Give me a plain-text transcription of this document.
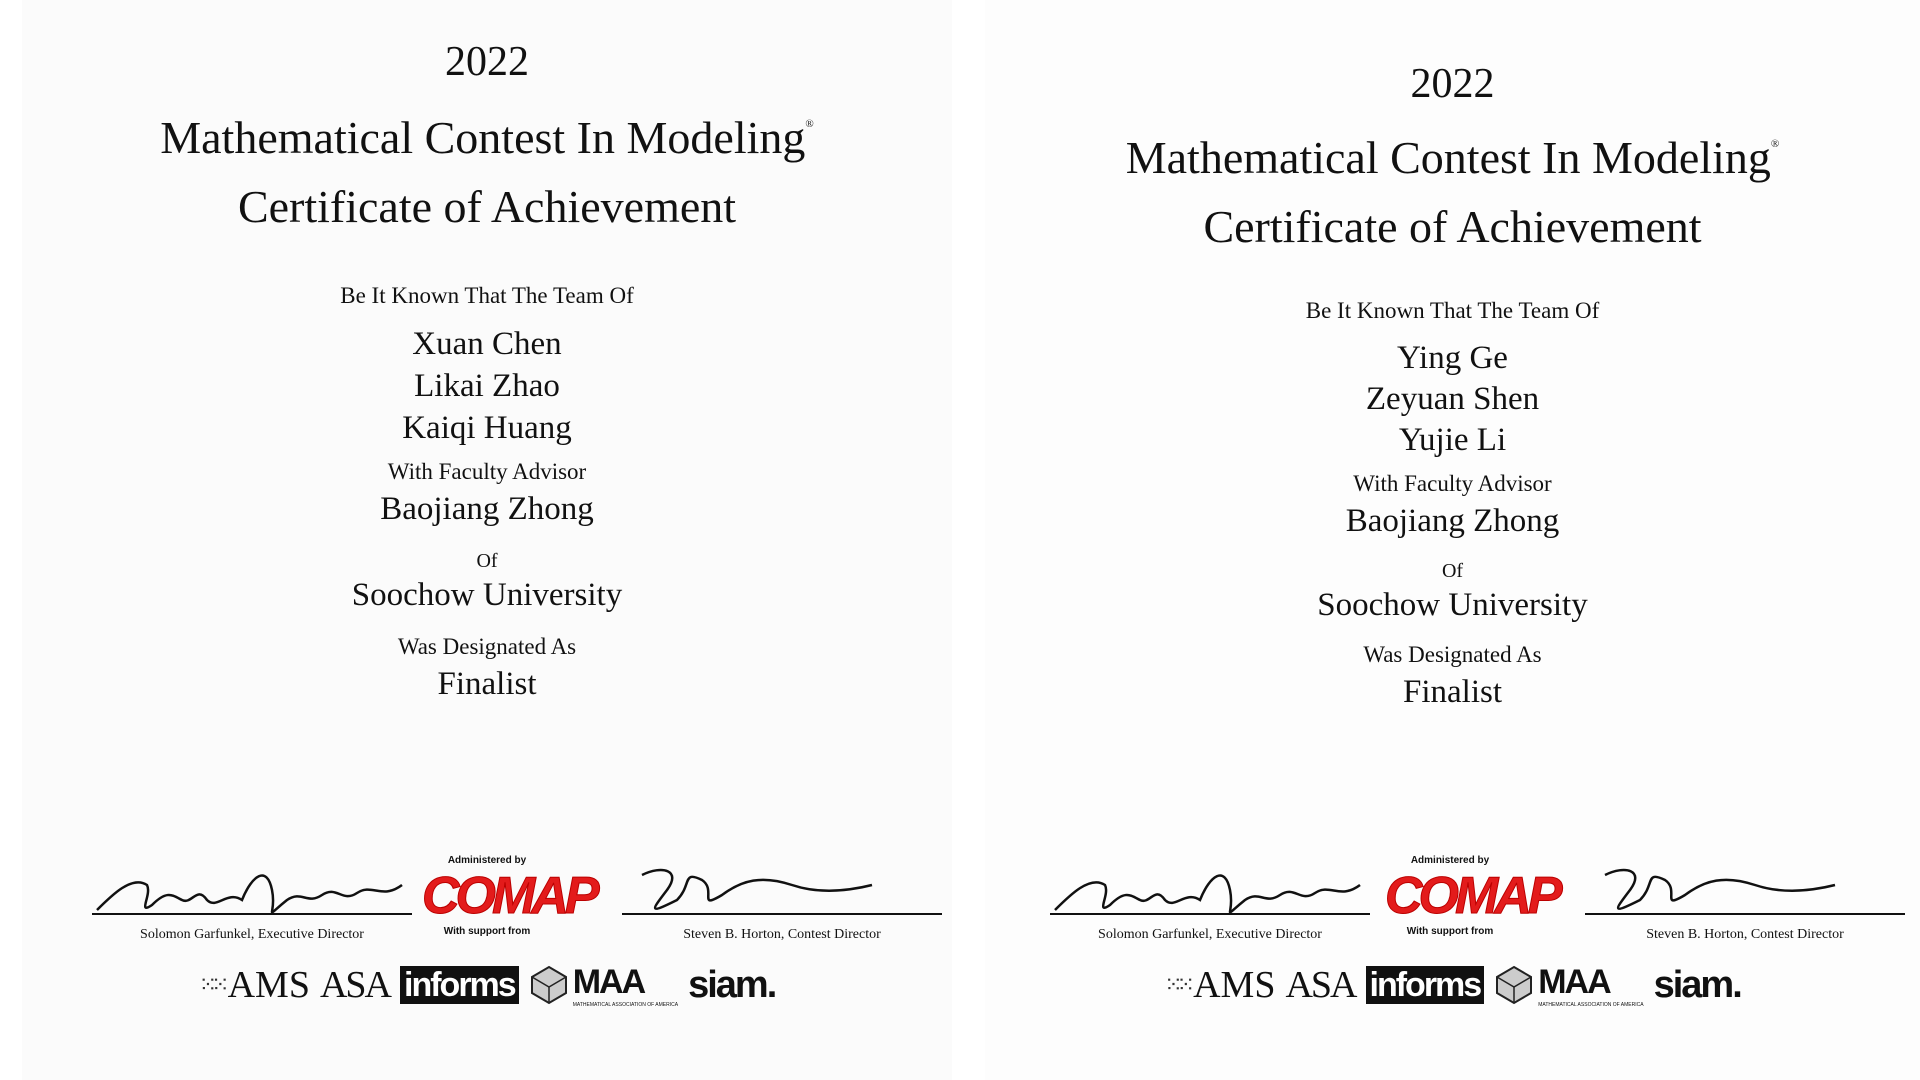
2022
Mathematical Contest In Modeling®
Certificate of Achievement
Be It Known That The Team Of
Xuan Chen
Likai Zhao
Kaiqi Huang
With Faculty Advisor
Baojiang Zhong
Of
Soochow University
Was Designated As
Finalist
Solomon Garfunkel, Executive Director
Administered by
COMAP
With support from	Steven B. Horton, Contest Director
⁙⁙ AMS ASA informs MAA
MATHEMATICAL ASSOCIATION OF AMERICA siam.
2022
Mathematical Contest In Modeling®
Certificate of Achievement
Be It Known That The Team Of
Ying Ge
Zeyuan Shen
Yujie Li
With Faculty Advisor
Baojiang Zhong
Of
Soochow University
Was Designated As
Finalist
Solomon Garfunkel, Executive Director
Administered by
COMAP
With support from	Steven B. Horton, Contest Director
⁙⁙ AMS ASA informs MAA
MATHEMATICAL ASSOCIATION OF AMERICA siam.
